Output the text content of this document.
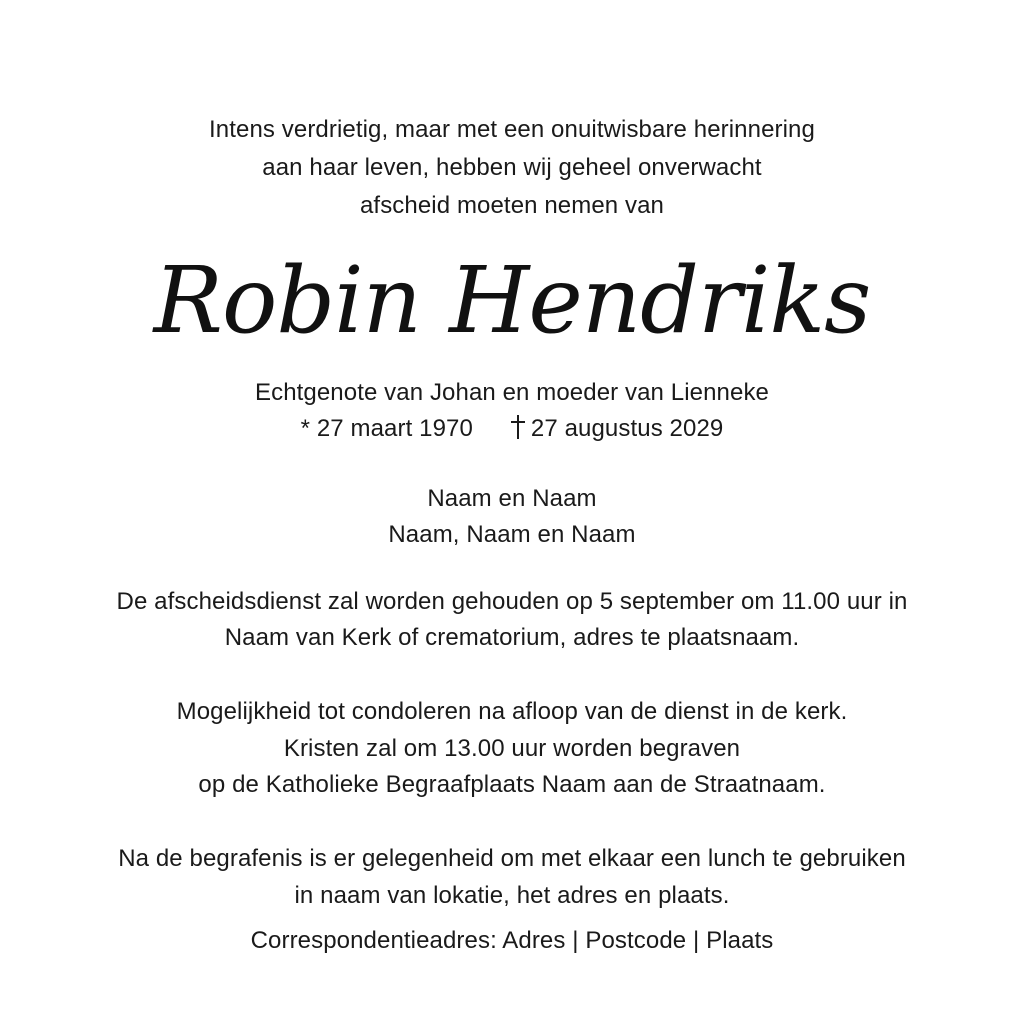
Intens verdrietig, maar met een onuitwisbare herinnering
aan haar leven, hebben wij geheel onverwacht
afscheid moeten nemen van
Robin Hendriks
Echtgenote van Johan en moeder van Lienneke
* 27 maart 1970 27 augustus 2029
Naam en Naam
Naam, Naam en Naam
De afscheidsdienst zal worden gehouden op 5 september om 11.00 uur in
Naam van Kerk of crematorium, adres te plaatsnaam.
Mogelijkheid tot condoleren na afloop van de dienst in de kerk.
Kristen zal om 13.00 uur worden begraven
op de Katholieke Begraafplaats Naam aan de Straatnaam.
Na de begrafenis is er gelegenheid om met elkaar een lunch te gebruiken
in naam van lokatie, het adres en plaats.
Correspondentieadres: Adres | Postcode | Plaats
